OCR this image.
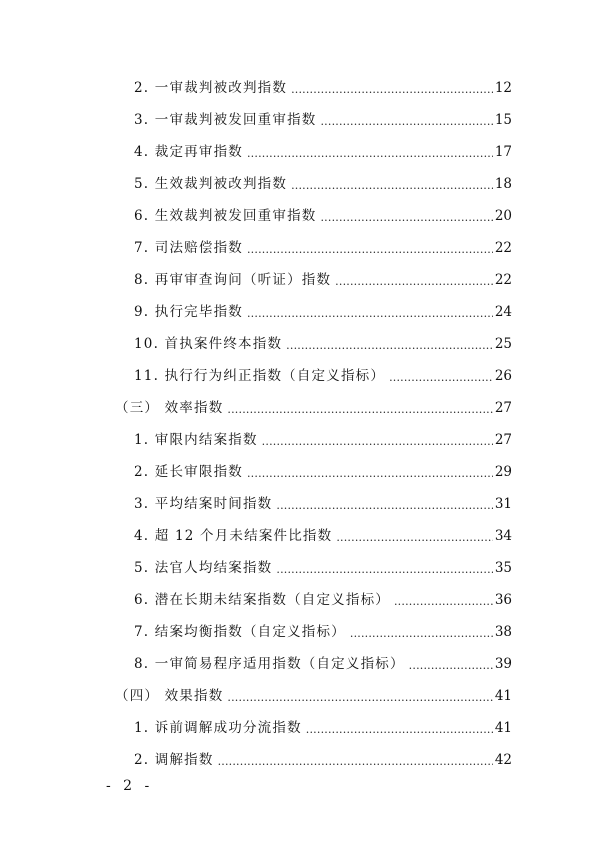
2. 一审裁判被改判指数 .....	12
3. 一审裁判被发回重审指数 .....	15
4. 裁定再审指数 .....	17
5. 生效裁判被改判指数 .....	18
6. 生效裁判被发回重审指数 .....	20
7. 司法赔偿指数 .....	22
8. 再审审查询问（听证）指数 .....	22
9. 执行完毕指数 .....	24
10. 首执案件终本指数 .....	25
11. 执行行为纠正指数（自定义指标） .....	26
（三） 效率指数 .....	27
1. 审限内结案指数 .....	27
2. 延长审限指数 .....	29
3. 平均结案时间指数 .....	31
4. 超 12 个月未结案件比指数 .....	34
5. 法官人均结案指数 .....	35
6. 潜在长期未结案指数（自定义指标） .....	36
7. 结案均衡指数（自定义指标） .....	38
8. 一审简易程序适用指数（自定义指标） .....	39
（四） 效果指数 .....	41
1. 诉前调解成功分流指数 .....	41
2. 调解指数 .....	42
- 2 -
